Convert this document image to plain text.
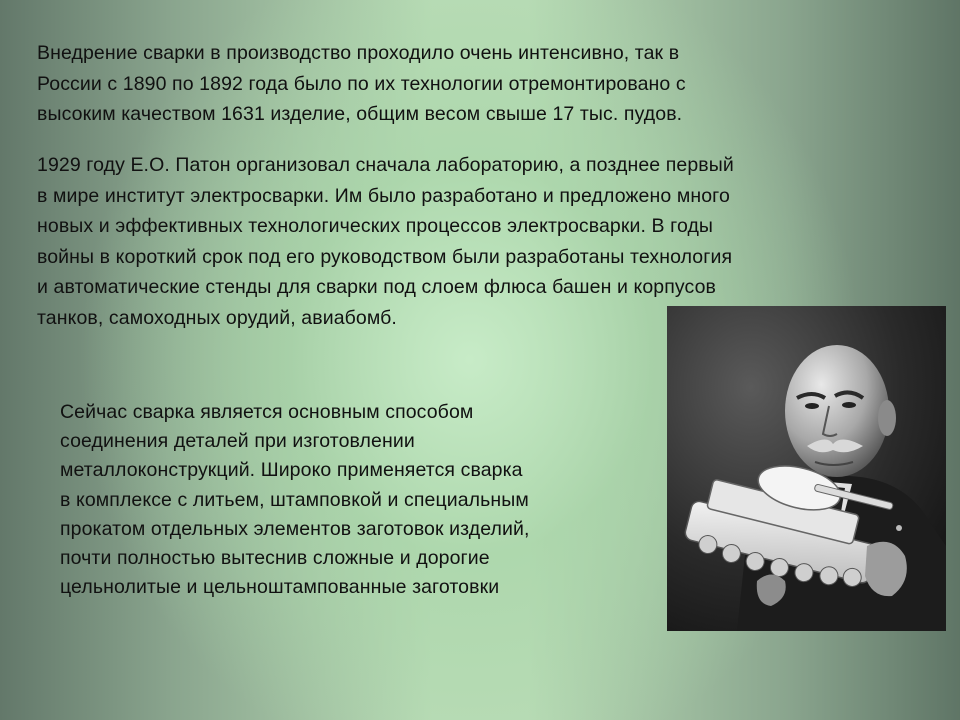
Внедрение сварки в производство проходило очень интенсивно, так в
России с 1890 по 1892 года было по их технологии отремонтировано с
высоким качеством 1631 изделие, общим весом свыше 17 тыс. пудов.
1929 году Е.О. Патон организовал сначала лабораторию, а позднее первый
в мире институт электросварки. Им было разработано и предложено много
новых и эффективных технологических процессов электросварки. В годы
войны в короткий срок под его руководством были разработаны технология
и автоматические стенды для сварки под слоем флюса башен и корпусов
танков, самоходных орудий, авиабомб.
Сейчас сварка является основным способом
соединения деталей при изготовлении
металлоконструкций. Широко применяется сварка
в комплексе с литьем, штамповкой и специальным
прокатом отдельных элементов заготовок изделий,
почти полностью вытеснив сложные и дорогие
цельнолитые и цельноштампованные заготовки
